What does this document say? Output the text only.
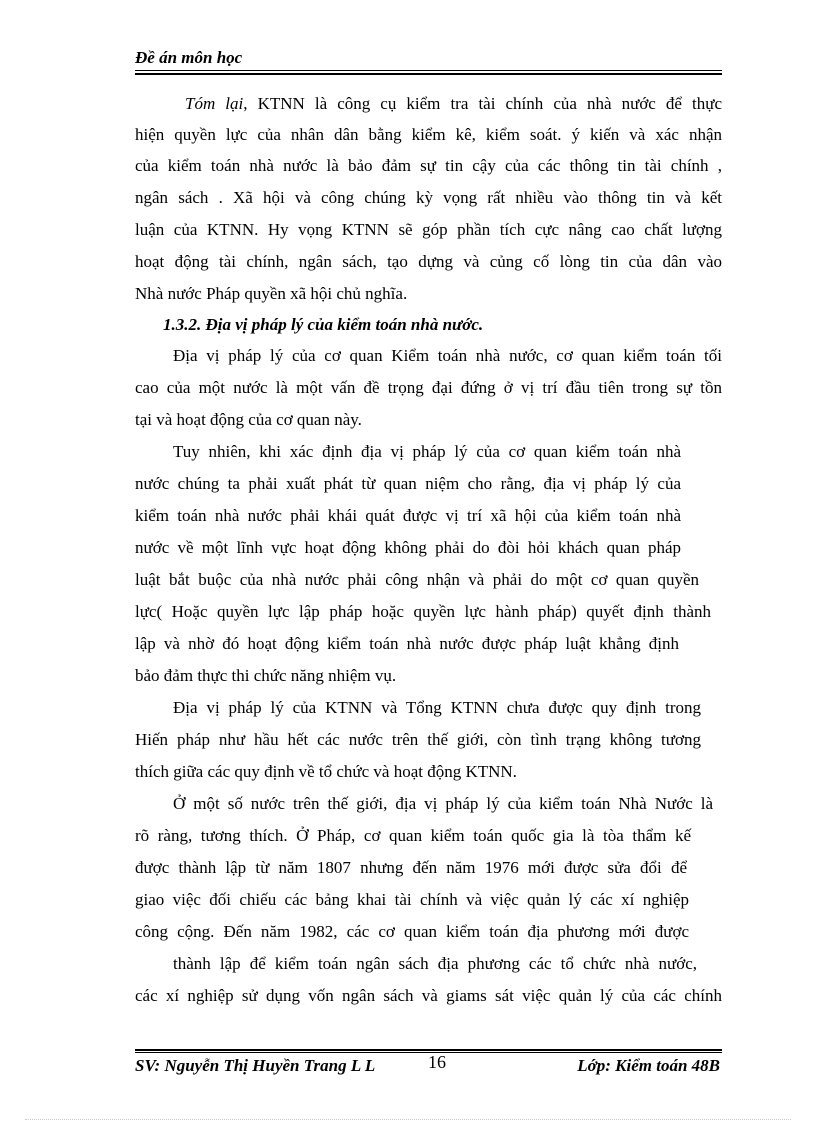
Đề án môn học
Tóm lại, KTNN là công cụ kiểm tra tài chính của nhà nước để thực
hiện quyền lực của nhân dân bằng kiểm kê, kiểm soát. ý kiến và xác nhận
của kiểm toán nhà nước là bảo đảm sự tin cậy của các thông tin tài chính ,
ngân sách . Xã hội và công chúng kỳ vọng rất nhiều vào thông tin và kết
luận của KTNN. Hy vọng KTNN sẽ góp phần tích cực nâng cao chất lượng
hoạt động tài chính, ngân sách, tạo dựng và củng cố lòng tin của dân vào
Nhà nước Pháp quyền xã hội chủ nghĩa.
1.3.2. Địa vị pháp lý của kiểm toán nhà nước.
Địa vị pháp lý của cơ quan Kiểm toán nhà nước, cơ quan kiểm toán tối
cao của một nước là một vấn đề trọng đại đứng ở vị trí đầu tiên trong sự tồn
tại và hoạt động của cơ quan này.
Tuy nhiên, khi xác định địa vị pháp lý của cơ quan kiểm toán nhà
nước chúng ta phải xuất phát từ quan niệm cho rằng, địa vị pháp lý của
kiểm toán nhà nước phải khái quát được vị trí xã hội của kiểm toán nhà
nước về một lĩnh vực hoạt động không phải do đòi hỏi khách quan pháp
luật bắt buộc của nhà nước phải công nhận và phải do một cơ quan quyền
lực( Hoặc quyền lực lập pháp hoặc quyền lực hành pháp) quyết định thành
lập và nhờ đó hoạt động kiểm toán nhà nước được pháp luật khẳng định
bảo đảm thực thi chức năng nhiệm vụ.
Địa vị pháp lý của KTNN và Tổng KTNN chưa được quy định trong
Hiến pháp như hầu hết các nước trên thế giới, còn tình trạng không tương
thích giữa các quy định về tổ chức và hoạt động KTNN.
Ở một số nước trên thế giới, địa vị pháp lý của kiểm toán Nhà Nước là
rõ ràng, tương thích. Ở Pháp, cơ quan kiểm toán quốc gia là tòa thẩm kế
được thành lập từ năm 1807 nhưng đến năm 1976 mới được sửa đổi để
giao việc đối chiếu các bảng khai tài chính và việc quản lý các xí nghiệp
công cộng. Đến năm 1982, các cơ quan kiểm toán địa phương mới được
thành lập để kiểm toán ngân sách địa phương các tổ chức nhà nước,
các xí nghiệp sử dụng vốn ngân sách và giams sát việc quản lý của các chính
SV: Nguyễn Thị Huyền Trang L L	16	Lớp: Kiểm toán 48B
